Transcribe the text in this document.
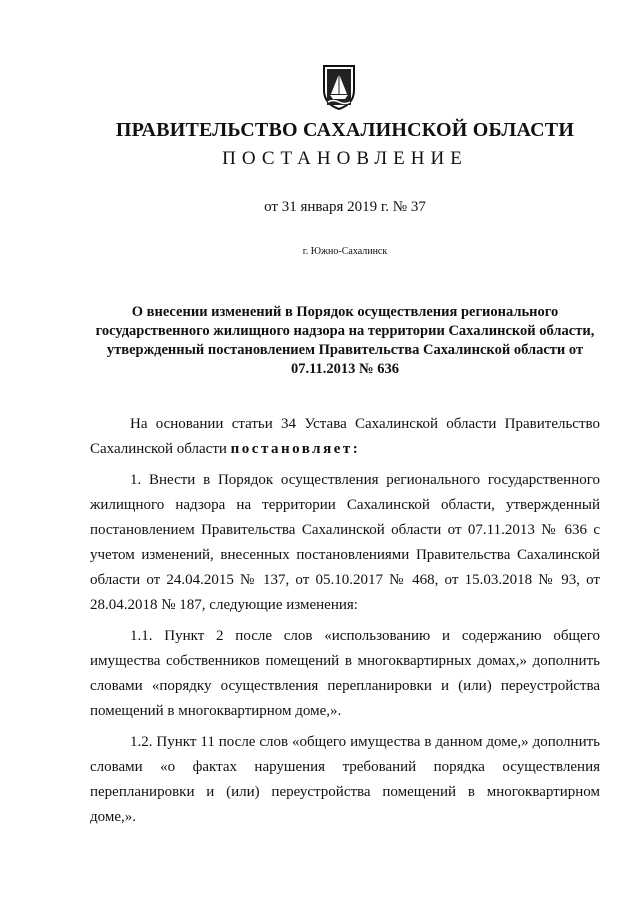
ПРАВИТЕЛЬСТВО САХАЛИНСКОЙ ОБЛАСТИ
ПОСТАНОВЛЕНИЕ
от 31 января 2019 г. № 37
г. Южно-Сахалинск
О внесении изменений в Порядок осуществления регионального государственного жилищного надзора на территории Сахалинской области, утвержденный постановлением Правительства Сахалинской области от 07.11.2013 № 636

На основании статьи 34 Устава Сахалинской области Правительство Сахалинской области постановляет:

1. Внести в Порядок осуществления регионального государственного жилищного надзора на территории Сахалинской области, утвержденный постановлением Правительства Сахалинской области от 07.11.2013 № 636 с учетом изменений, внесенных постановлениями Правительства Сахалинской области от 24.04.2015 № 137, от 05.10.2017 № 468, от 15.03.2018 № 93, от 28.04.2018 № 187, следующие изменения:

1.1. Пункт 2 после слов «использованию и содержанию общего имущества собственников помещений в многоквартирных домах,» дополнить словами «порядку осуществления перепланировки и (или) переустройства помещений в многоквартирном доме,».

1.2. Пункт 11 после слов «общего имущества в данном доме,» дополнить словами «о фактах нарушения требований порядка осуществления перепланировки и (или) переустройства помещений в многоквартирном доме,».
